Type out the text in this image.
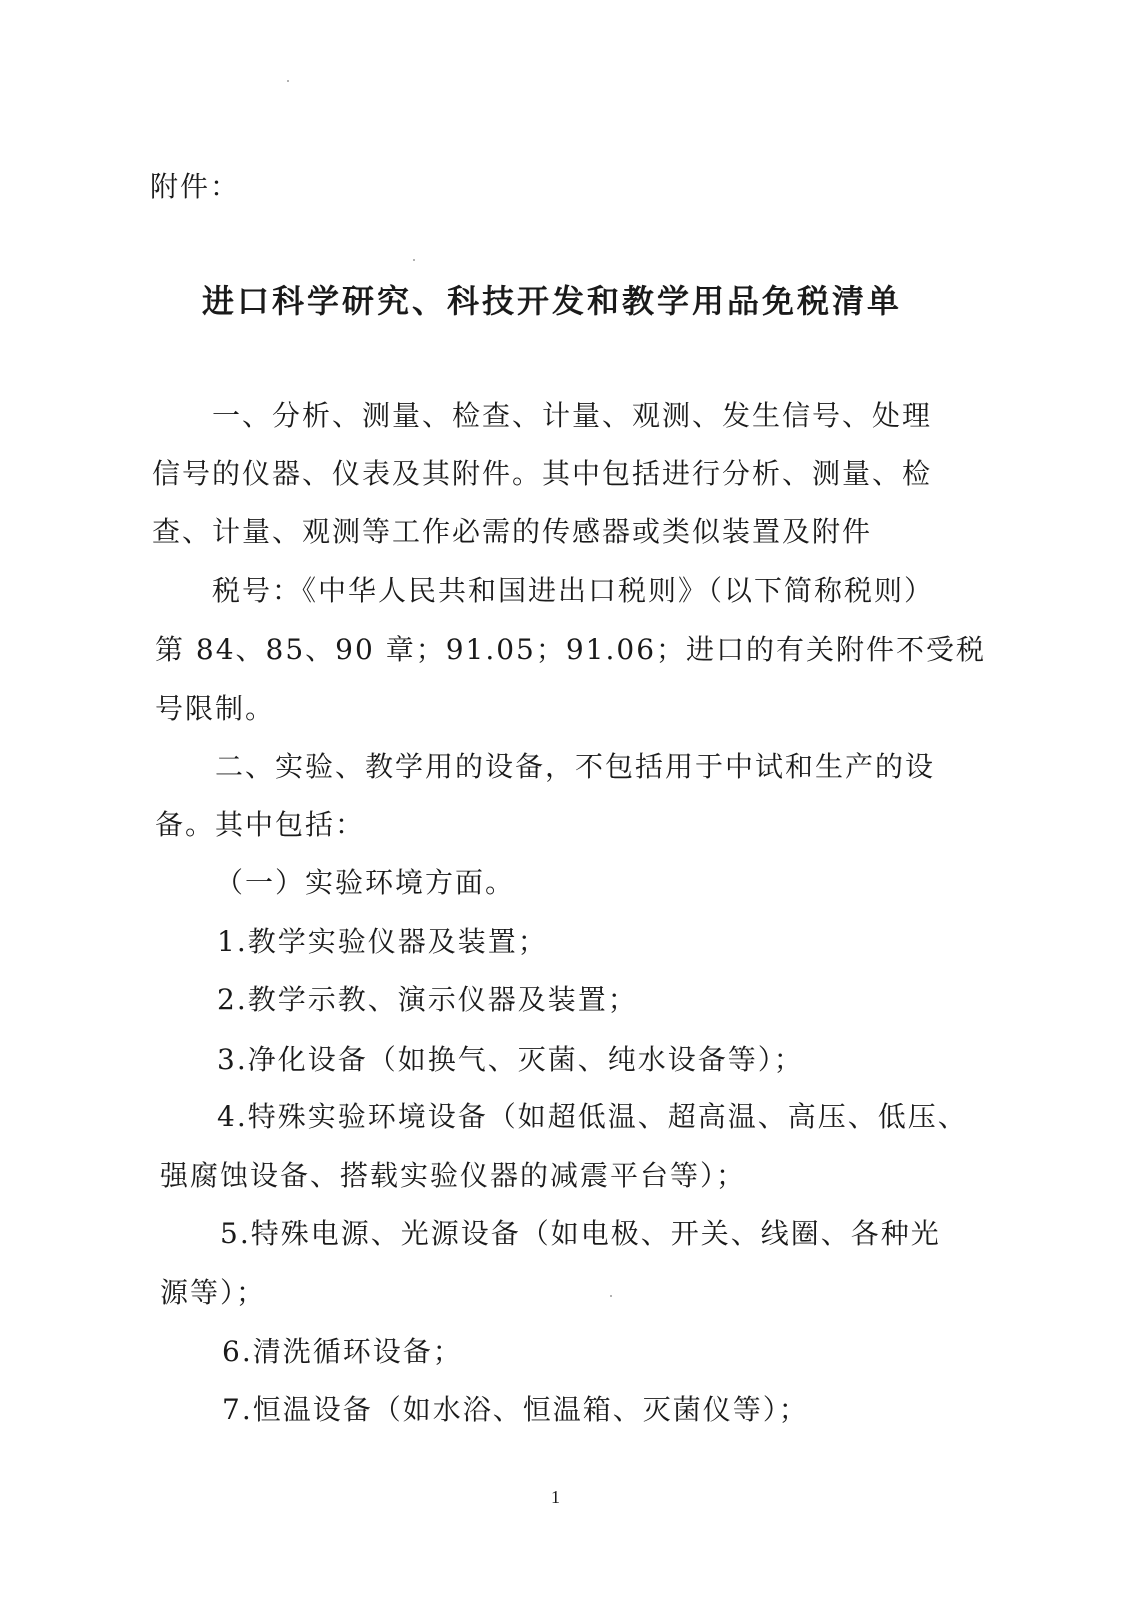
附件：
进口科学研究、科技开发和教学用品免税清单
一、分析、测量、检查、计量、观测、发生信号、处理
信号的仪器、仪表及其附件。其中包括进行分析、测量、检
查、计量、观测等工作必需的传感器或类似装置及附件
税号：《中华人民共和国进出口税则》（以下简称税则）
第 84、85、90 章；91.05；91.06；进口的有关附件不受税
号限制。
二、实验、教学用的设备，不包括用于中试和生产的设
备。其中包括：
（一）实验环境方面。
1.教学实验仪器及装置；
2.教学示教、演示仪器及装置；
3.净化设备（如换气、灭菌、纯水设备等）；
4.特殊实验环境设备（如超低温、超高温、高压、低压、
强腐蚀设备、搭载实验仪器的减震平台等）；
5.特殊电源、光源设备（如电极、开关、线圈、各种光
源等）；
6.清洗循环设备；
7.恒温设备（如水浴、恒温箱、灭菌仪等）；
1
